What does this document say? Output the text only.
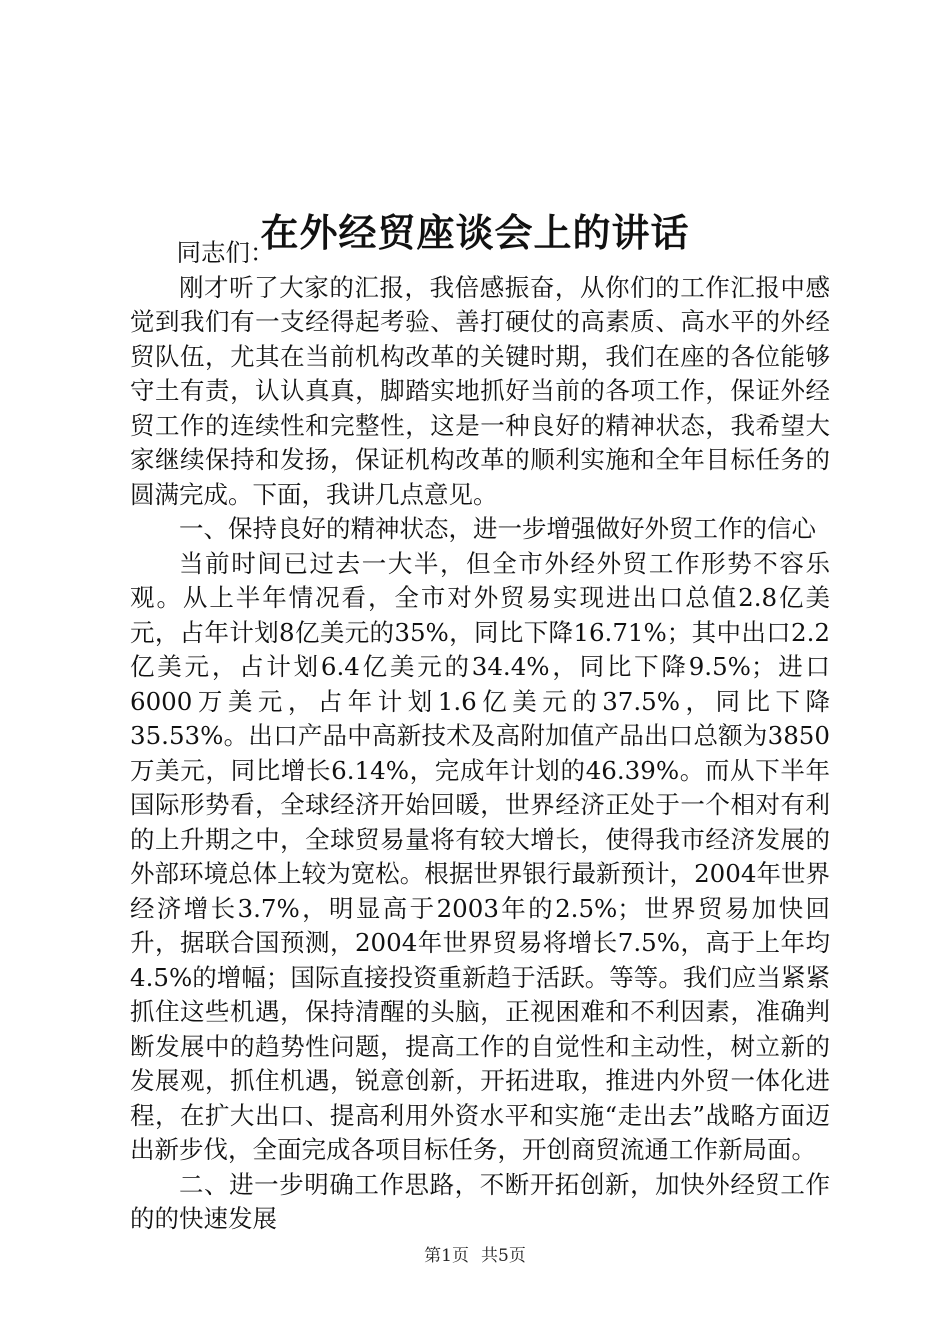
在外经贸座谈会上的讲话

同志们：

刚才听了大家的汇报，我倍感振奋，从你们的工作汇报中感觉到我们有一支经得起考验、善打硬仗的高素质、高水平的外经贸队伍，尤其在当前机构改革的关键时期，我们在座的各位能够守土有责，认认真真，脚踏实地抓好当前的各项工作，保证外经贸工作的连续性和完整性，这是一种良好的精神状态，我希望大家继续保持和发扬，保证机构改革的顺利实施和全年目标任务的圆满完成。下面，我讲几点意见。

一、保持良好的精神状态，进一步增强做好外贸工作的信心

当前时间已过去一大半，但全市外经外贸工作形势不容乐观。从上半年情况看，全市对外贸易实现进出口总值2.8亿美元，占年计划8亿美元的35%，同比下降16.71%；其中出口2.2亿美元，占计划6.4亿美元的34.4%，同比下降9.5%；进口6000万美元，占年计划1.6亿美元的37.5%，同比下降35.53%。出口产品中高新技术及高附加值产品出口总额为3850万美元，同比增长6.14%，完成年计划的46.39%。而从下半年国际形势看，全球经济开始回暖，世界经济正处于一个相对有利的上升期之中，全球贸易量将有较大增长，使得我市经济发展的外部环境总体上较为宽松。根据世界银行最新预计，2004年世界经济增长3.7%，明显高于2003年的2.5%；世界贸易加快回升，据联合国预测，2004年世界贸易将增长7.5%，高于上年均4.5%的增幅；国际直接投资重新趋于活跃。等等。我们应当紧紧抓住这些机遇，保持清醒的头脑，正视困难和不利因素，准确判断发展中的趋势性问题，提高工作的自觉性和主动性，树立新的发展观，抓住机遇，锐意创新，开拓进取，推进内外贸一体化进程，在扩大出口、提高利用外资水平和实施“走出去”战略方面迈出新步伐，全面完成各项目标任务，开创商贸流通工作新局面。

二、进一步明确工作思路，不断开拓创新，加快外经贸工作的的快速发展

第1页 共5页
